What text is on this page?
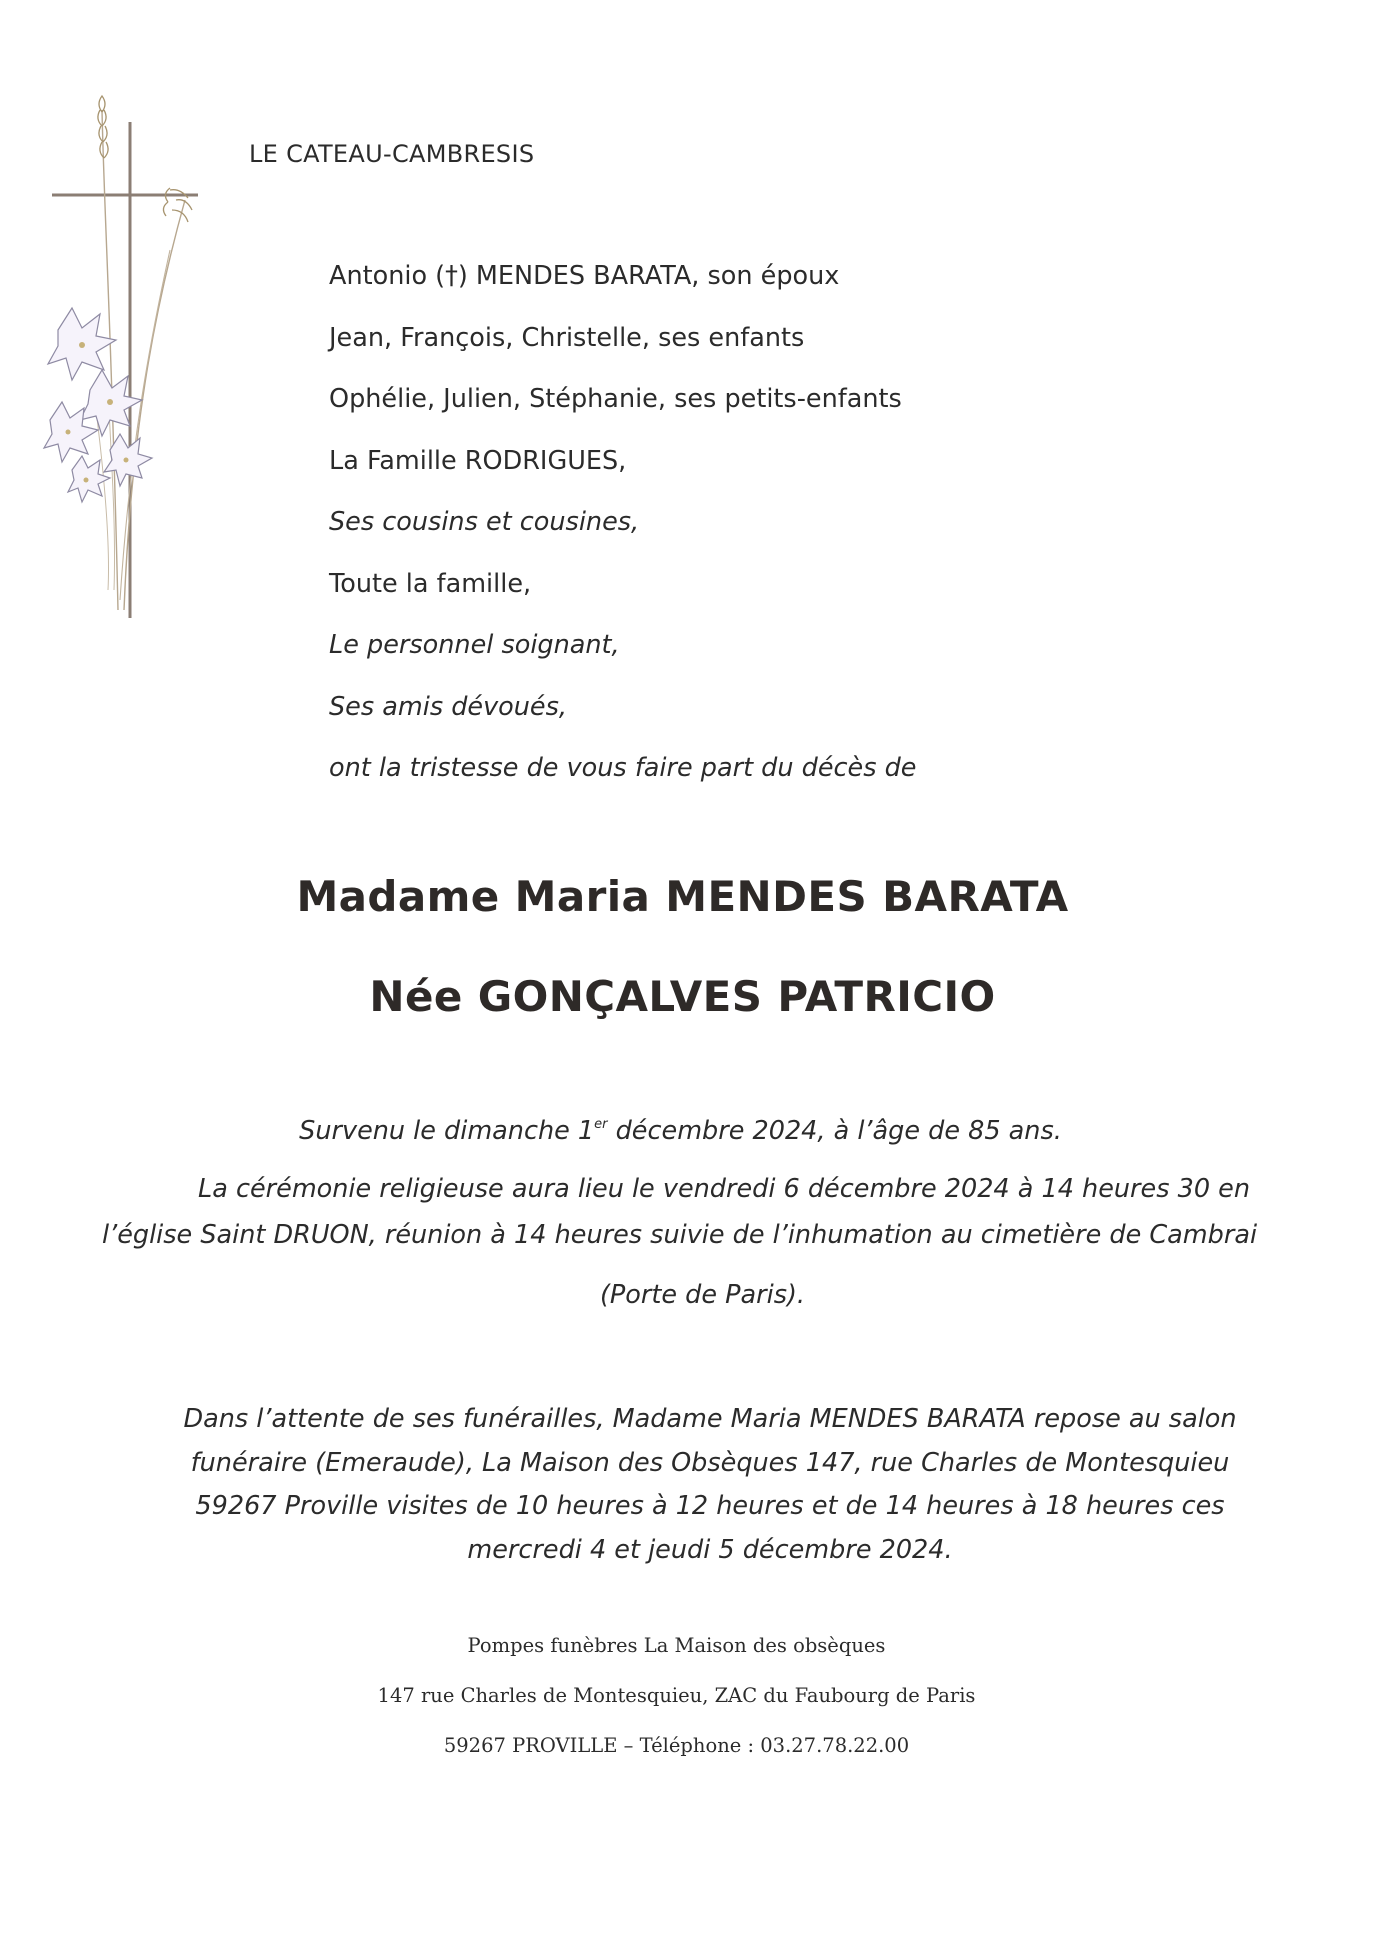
LE CATEAU-CAMBRESIS
Antonio (†) MENDES BARATA, son époux
Jean, François, Christelle, ses enfants
Ophélie, Julien, Stéphanie, ses petits-enfants
La Famille RODRIGUES,
Ses cousins et cousines,
Toute la famille,
Le personnel soignant,
Ses amis dévoués,
ont la tristesse de vous faire part du décès de
Madame Maria MENDES BARATA
Née GONÇALVES PATRICIO
Survenu le dimanche 1er décembre 2024, à l’âge de 85 ans.
La cérémonie religieuse aura lieu le vendredi 6 décembre 2024 à 14 heures 30 en
l’église Saint DRUON, réunion à 14 heures suivie de l’inhumation au cimetière de Cambrai
(Porte de Paris).
Dans l’attente de ses funérailles, Madame Maria MENDES BARATA repose au salon funéraire (Emeraude), La Maison des Obsèques 147, rue Charles de Montesquieu 59267 Proville visites de 10 heures à 12 heures et de 14 heures à 18 heures ces mercredi 4 et jeudi 5 décembre 2024.
Pompes funèbres La Maison des obsèques
147 rue Charles de Montesquieu, ZAC du Faubourg de Paris
59267 PROVILLE – Téléphone : 03.27.78.22.00
